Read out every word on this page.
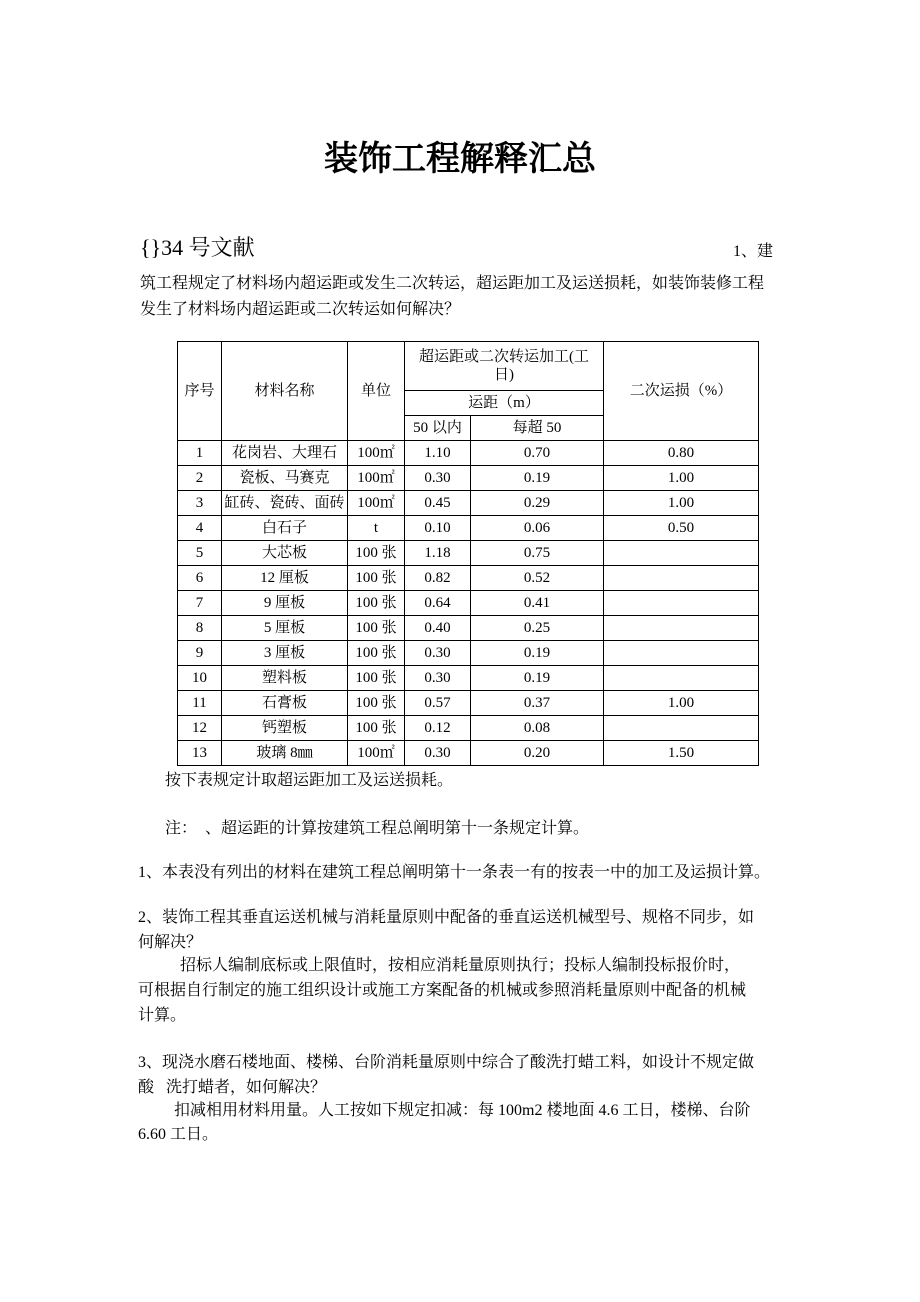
装饰工程解释汇总
{}34 号文献	1、建
筑工程规定了材料场内超运距或发生二次转运，超运距加工及运送损耗，如装饰装修工程
发生了材料场内超运距或二次转运如何解决？
序号	材料名称	单位	超运距或二次转运加工(工日)		二次运损（%）
			运距（m）		
			50 以内	每超 50	
1	花岗岩、大理石	100㎡	1.10	0.70	0.80
2	瓷板、马赛克	100㎡	0.30	0.19	1.00
3	缸砖、瓷砖、面砖	100㎡	0.45	0.29	1.00
4	白石子	t	0.10	0.06	0.50
5	大芯板	100 张	1.18	0.75	
6	12 厘板	100 张	0.82	0.52	
7	9 厘板	100 张	0.64	0.41	
8	5 厘板	100 张	0.40	0.25	
9	3 厘板	100 张	0.30	0.19	
10	塑料板	100 张	0.30	0.19	
11	石膏板	100 张	0.57	0.37	1.00
12	钙塑板	100 张	0.12	0.08	
13	玻璃 8㎜	100㎡	0.30	0.20	1.50
按下表规定计取超运距加工及运送损耗。
注：  、超运距的计算按建筑工程总阐明第十一条规定计算。
1、本表没有列出的材料在建筑工程总阐明第十一条表一有的按表一中的加工及运损计算。
2、装饰工程其垂直运送机械与消耗量原则中配备的垂直运送机械型号、规格不同步，如
何解决？
招标人编制底标或上限值时，按相应消耗量原则执行；投标人编制投标报价时，
可根据自行制定的施工组织设计或施工方案配备的机械或参照消耗量原则中配备的机械
计算。
3、现浇水磨石楼地面、楼梯、台阶消耗量原则中综合了酸洗打蜡工料，如设计不规定做
酸   洗打蜡者，如何解决？
扣减相用材料用量。人工按如下规定扣减：每 100m2 楼地面 4.6 工日，楼梯、台阶
6.60 工日。
